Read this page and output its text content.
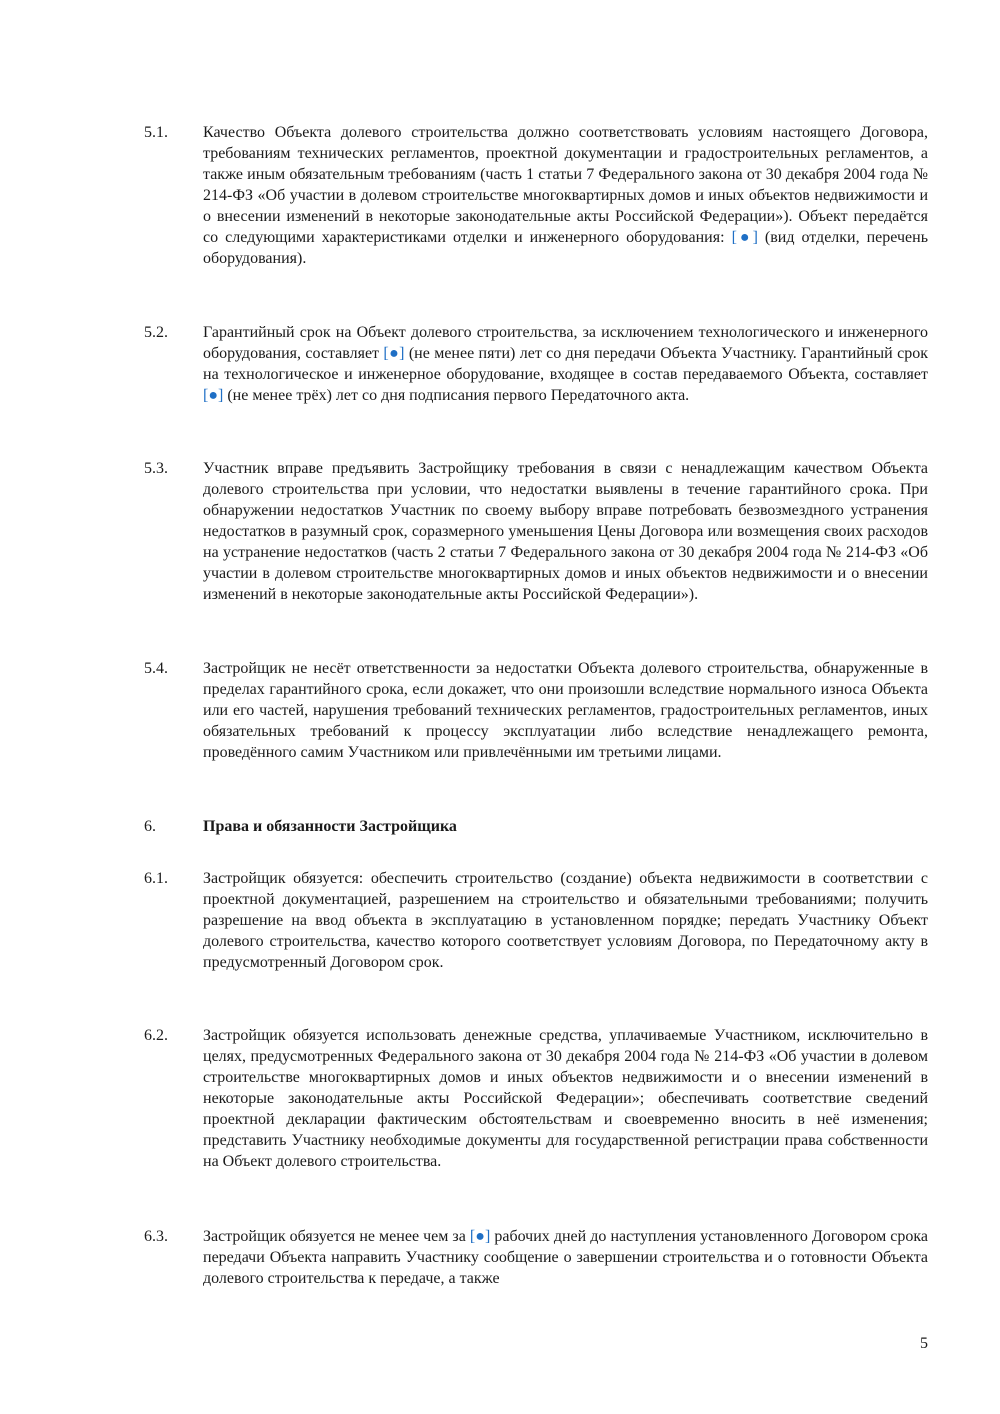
5.1. Качество Объекта долевого строительства должно соответствовать условиям настоящего Договора, требованиям технических регламентов, проектной документации и градостроительных регламентов, а также иным обязательным требованиям (часть 1 статьи 7 Федерального закона от 30 декабря 2004 года № 214-ФЗ «Об участии в долевом строительстве многоквартирных домов и иных объектов недвижимости и о внесении изменений в некоторые законодательные акты Российской Федерации»). Объект передаётся со следующими характеристиками отделки и инженерного оборудования: [●] (вид отделки, перечень оборудования).
5.2. Гарантийный срок на Объект долевого строительства, за исключением технологического и инженерного оборудования, составляет [●] (не менее пяти) лет со дня передачи Объекта Участнику. Гарантийный срок на технологическое и инженерное оборудование, входящее в состав передаваемого Объекта, составляет [●] (не менее трёх) лет со дня подписания первого Передаточного акта.
5.3. Участник вправе предъявить Застройщику требования в связи с ненадлежащим качеством Объекта долевого строительства при условии, что недостатки выявлены в течение гарантийного срока. При обнаружении недостатков Участник по своему выбору вправе потребовать безвозмездного устранения недостатков в разумный срок, соразмерного уменьшения Цены Договора или возмещения своих расходов на устранение недостатков (часть 2 статьи 7 Федерального закона от 30 декабря 2004 года № 214-ФЗ «Об участии в долевом строительстве многоквартирных домов и иных объектов недвижимости и о внесении изменений в некоторые законодательные акты Российской Федерации»).
5.4. Застройщик не несёт ответственности за недостатки Объекта долевого строительства, обнаруженные в пределах гарантийного срока, если докажет, что они произошли вследствие нормального износа Объекта или его частей, нарушения требований технических регламентов, градостроительных регламентов, иных обязательных требований к процессу эксплуатации либо вследствие ненадлежащего ремонта, проведённого самим Участником или привлечёнными им третьими лицами.
6.	Права и обязанности Застройщика
6.1. Застройщик обязуется: обеспечить строительство (создание) объекта недвижимости в соответствии с проектной документацией, разрешением на строительство и обязательными требованиями; получить разрешение на ввод объекта в эксплуатацию в установленном порядке; передать Участнику Объект долевого строительства, качество которого соответствует условиям Договора, по Передаточному акту в предусмотренный Договором срок.
6.2. Застройщик обязуется использовать денежные средства, уплачиваемые Участником, исключительно в целях, предусмотренных Федерального закона от 30 декабря 2004 года № 214-ФЗ «Об участии в долевом строительстве многоквартирных домов и иных объектов недвижимости и о внесении изменений в некоторые законодательные акты Российской Федерации»; обеспечивать соответствие сведений проектной декларации фактическим обстоятельствам и своевременно вносить в неё изменения; представить Участнику необходимые документы для государственной регистрации права собственности на Объект долевого строительства.
6.3. Застройщик обязуется не менее чем за [●] рабочих дней до наступления установленного Договором срока передачи Объекта направить Участнику сообщение о завершении строительства и о готовности Объекта долевого строительства к передаче, а также
5
